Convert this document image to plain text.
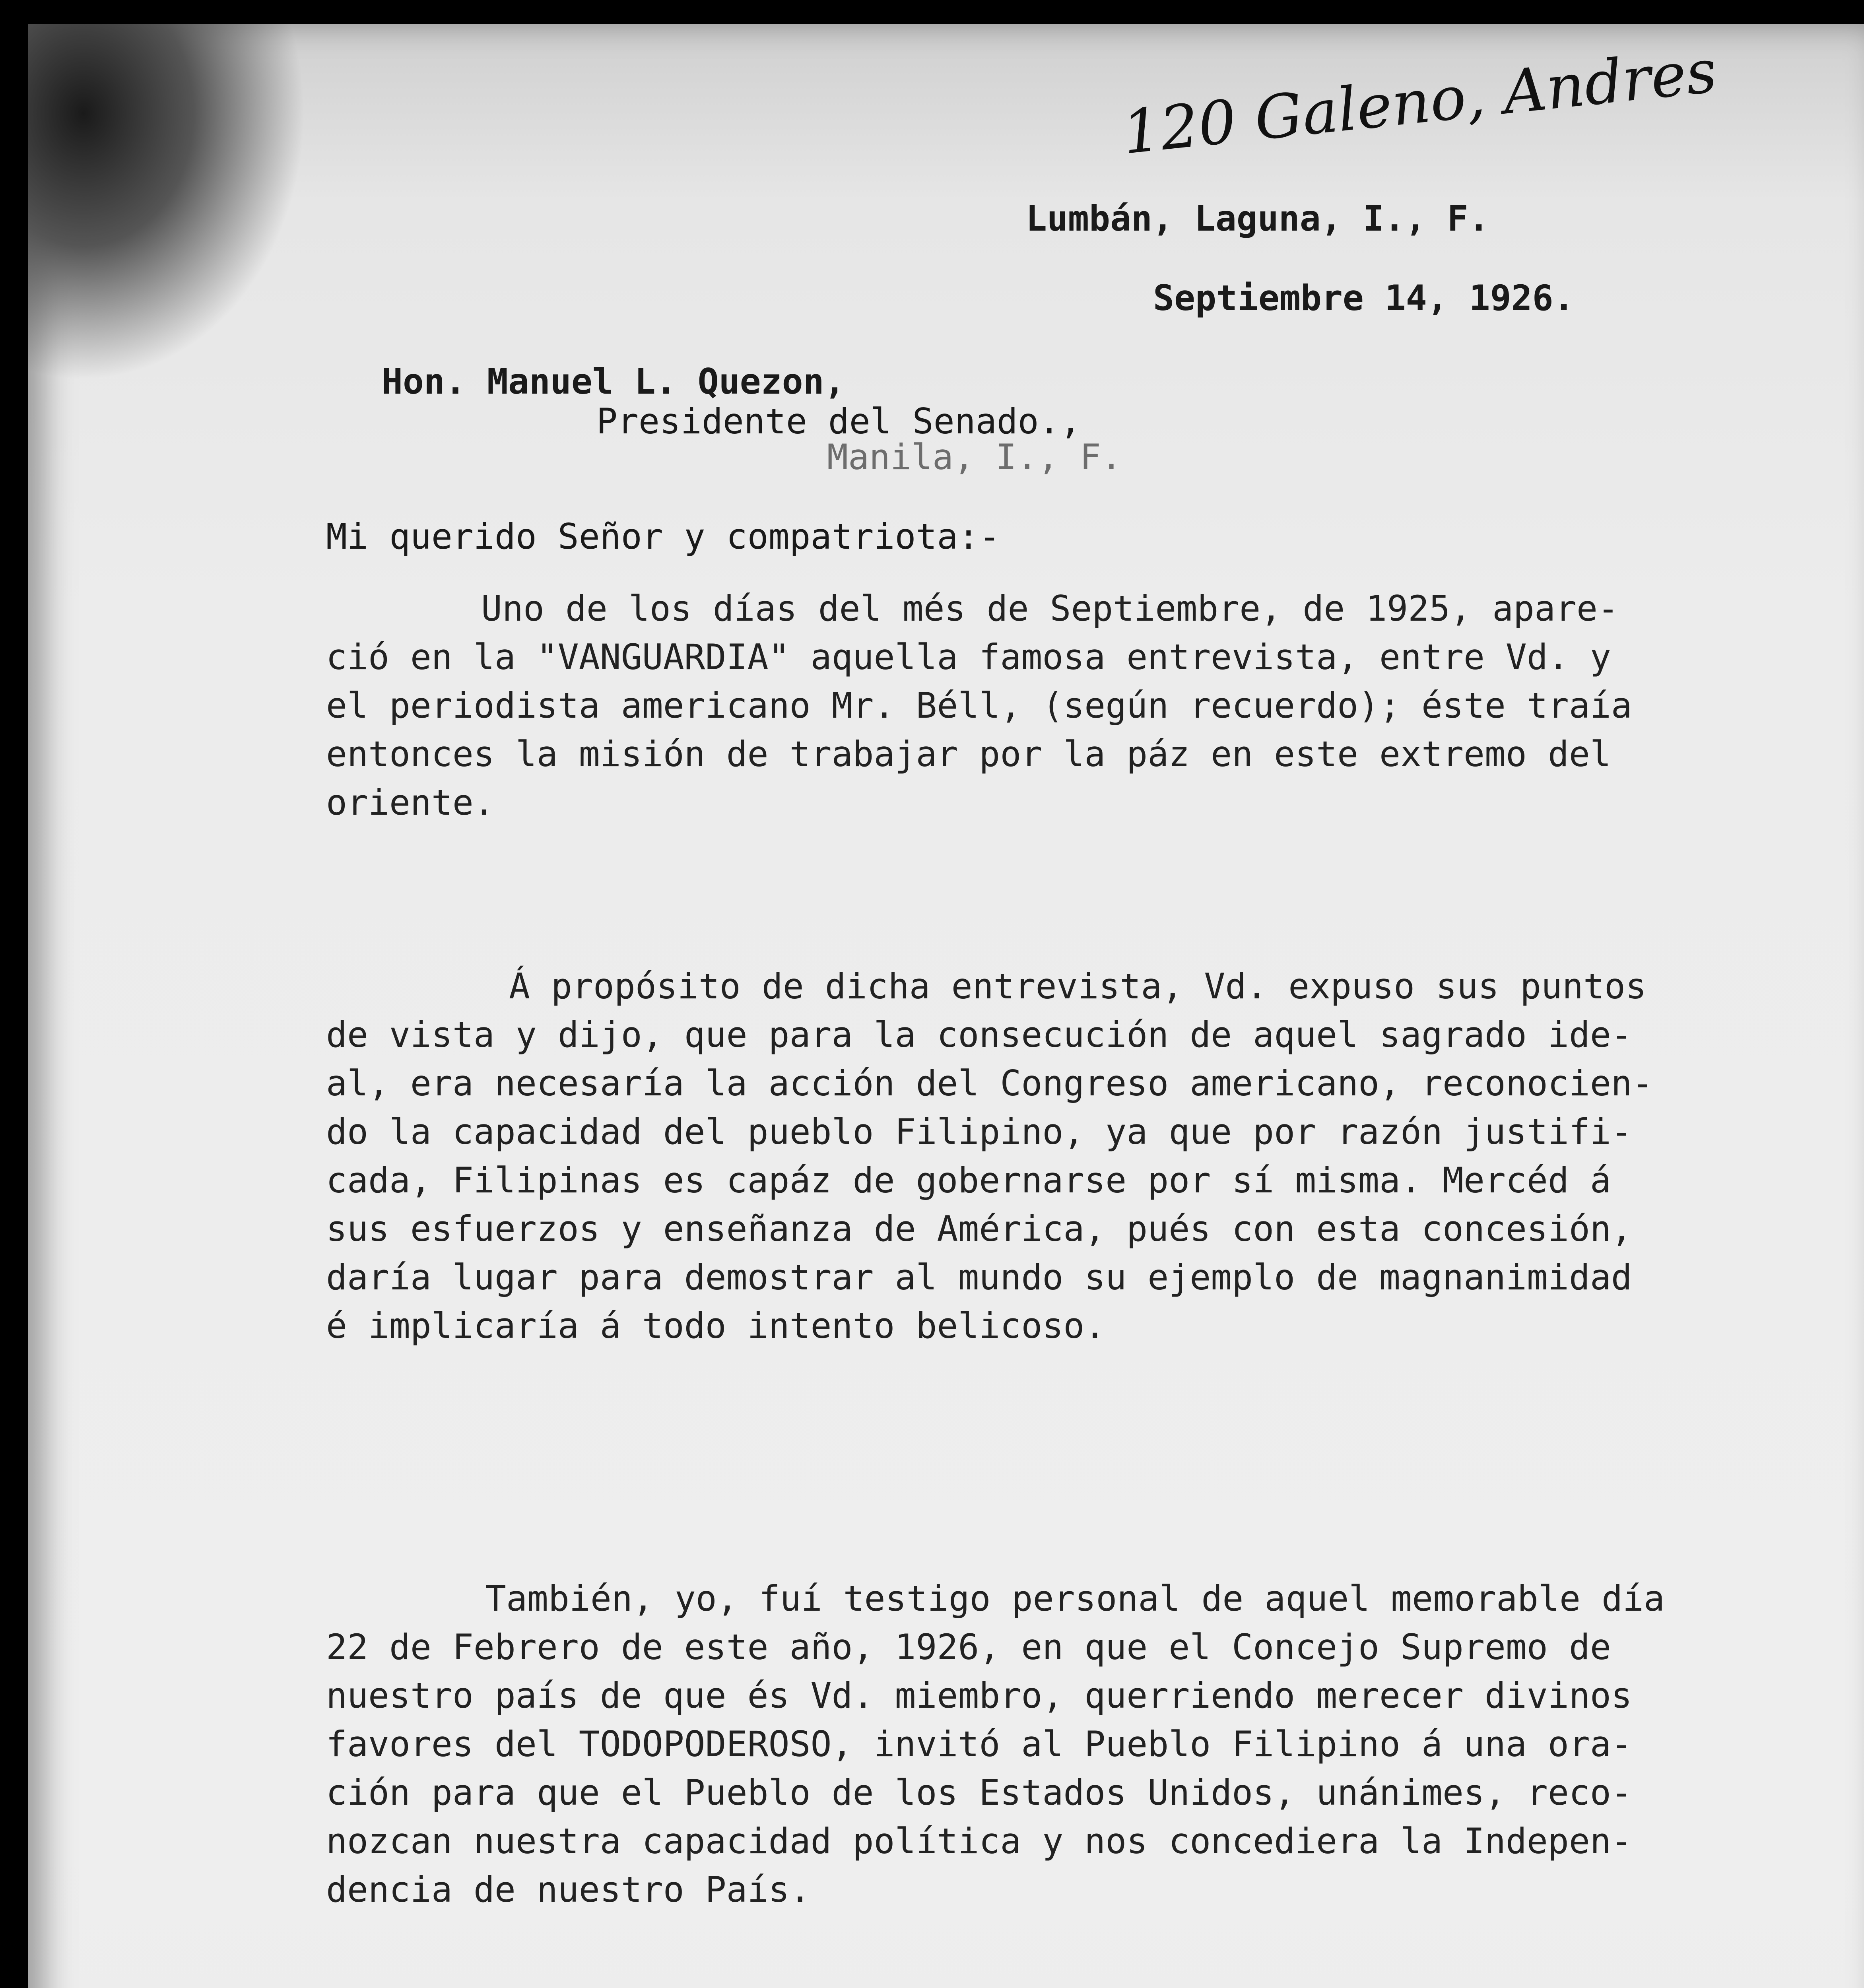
120 Galeno, Andres
Lumbán, Laguna, I., F.
Septiembre 14, 1926.
Hon. Manuel L. Quezon,
Presidente del Senado.,
Manila, I., F.
Mi querido Señor y compatriota:-
Uno de los días del més de Septiembre, de 1925, apare-
ció en la "VANGUARDIA" aquella famosa entrevista, entre Vd. y
el periodista americano Mr. Béll, (según recuerdo); éste traía
entonces la misión de trabajar por la páz en este extremo del
oriente.
Á propósito de dicha entrevista, Vd. expuso sus puntos
de vista y dijo, que para la consecución de aquel sagrado ide-
al, era necesaría la acción del Congreso americano, reconocien-
do la capacidad del pueblo Filipino, ya que por razón justifi-
cada, Filipinas es capáz de gobernarse por sí misma. Mercéd á
sus esfuerzos y enseñanza de América, pués con esta concesión,
daría lugar para demostrar al mundo su ejemplo de magnanimidad
é implicaría á todo intento belicoso.
También, yo, fuí testigo personal de aquel memorable día
22 de Febrero de este año, 1926, en que el Concejo Supremo de
nuestro país de que és Vd. miembro, querriendo merecer divinos
favores del TODOPODEROSO, invitó al Pueblo Filipino á una ora-
ción para que el Pueblo de los Estados Unidos, unánimes, reco-
nozcan nuestra capacidad política y nos concediera la Indepen-
dencia de nuestro País.
